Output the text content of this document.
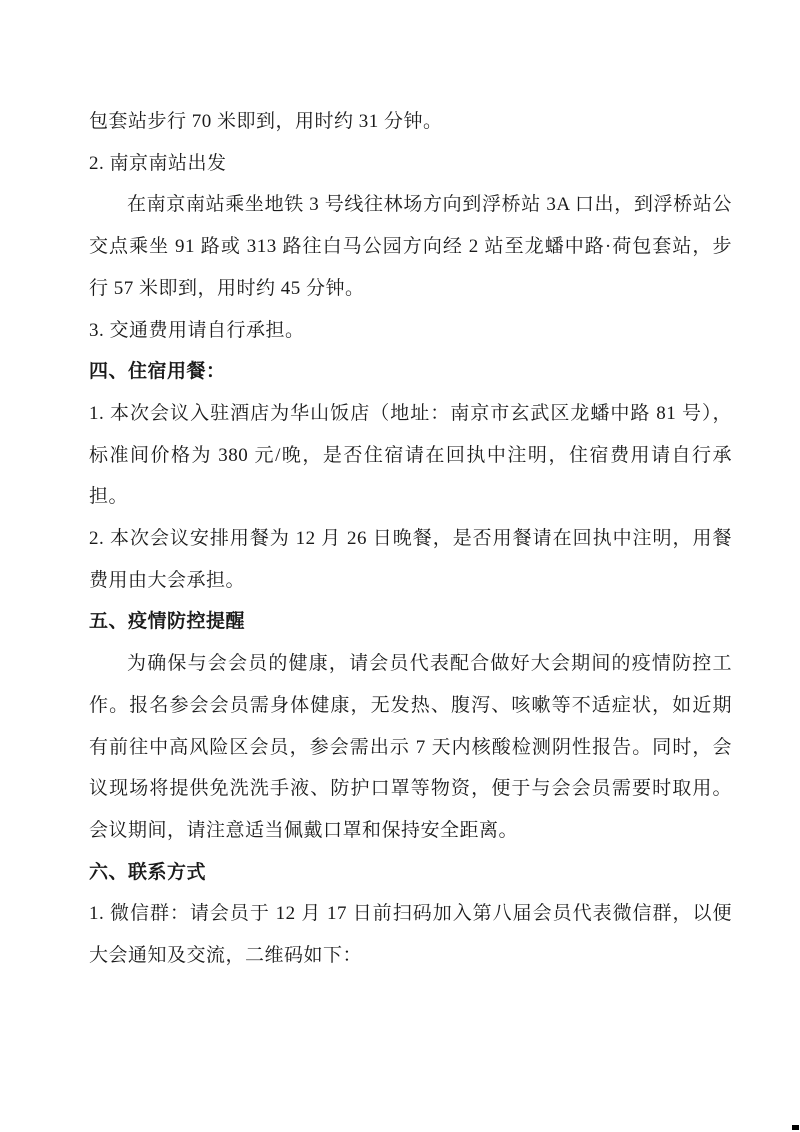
包套站步行 70 米即到，用时约 31 分钟。

2. 南京南站出发

在南京南站乘坐地铁 3 号线往林场方向到浮桥站 3A 口出，到浮桥站公交点乘坐 91 路或 313 路往白马公园方向经 2 站至龙蟠中路·荷包套站，步行 57 米即到，用时约 45 分钟。

3. 交通费用请自行承担。

四、住宿用餐：

1. 本次会议入驻酒店为华山饭店（地址：南京市玄武区龙蟠中路 81 号），标准间价格为 380 元/晚，是否住宿请在回执中注明，住宿费用请自行承担。

2. 本次会议安排用餐为 12 月 26 日晚餐，是否用餐请在回执中注明，用餐费用由大会承担。

五、疫情防控提醒

为确保与会会员的健康，请会员代表配合做好大会期间的疫情防控工作。报名参会会员需身体健康，无发热、腹泻、咳嗽等不适症状，如近期有前往中高风险区会员，参会需出示 7 天内核酸检测阴性报告。同时，会议现场将提供免洗洗手液、防护口罩等物资，便于与会会员需要时取用。会议期间，请注意适当佩戴口罩和保持安全距离。

六、联系方式

1. 微信群：请会员于 12 月 17 日前扫码加入第八届会员代表微信群，以便大会通知及交流，二维码如下：
